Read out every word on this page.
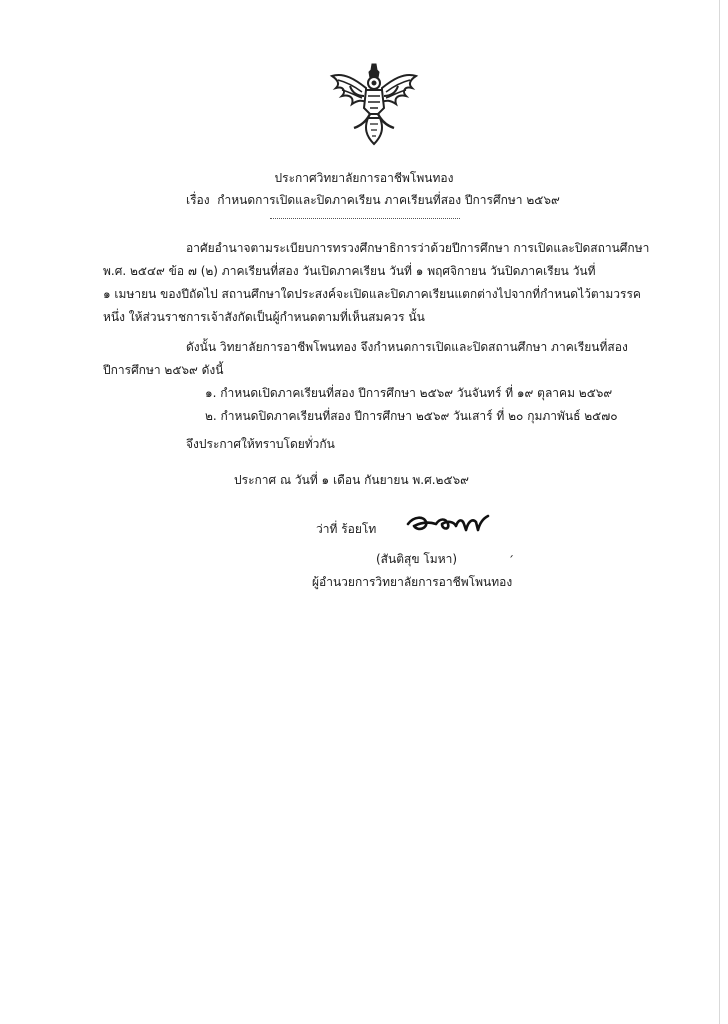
ประกาศวิทยาลัยการอาชีพโพนทอง
เรื่อง กำหนดการเปิดและปิดภาคเรียน ภาคเรียนที่สอง ปีการศึกษา ๒๕๖๙
อาศัยอำนาจตามระเบียบการทรวงศึกษาธิการว่าด้วยปีการศึกษา การเปิดและปิดสถานศึกษา
พ.ศ. ๒๕๔๙ ข้อ ๗ (๒) ภาคเรียนที่สอง วันเปิดภาคเรียน วันที่ ๑ พฤศจิกายน วันปิดภาคเรียน วันที่
๑ เมษายน ของปีถัดไป สถานศึกษาใดประสงค์จะเปิดและปิดภาคเรียนแตกต่างไปจากที่กำหนดไว้ตามวรรค
หนึ่ง ให้ส่วนราชการเจ้าสังกัดเป็นผู้กำหนดตามที่เห็นสมควร นั้น
ดังนั้น วิทยาลัยการอาชีพโพนทอง จึงกำหนดการเปิดและปิดสถานศึกษา ภาคเรียนที่สอง
ปีการศึกษา ๒๕๖๙ ดังนี้
๑. กำหนดเปิดภาคเรียนที่สอง ปีการศึกษา ๒๕๖๙ วันจันทร์ ที่ ๑๙ ตุลาคม ๒๕๖๙
๒. กำหนดปิดภาคเรียนที่สอง ปีการศึกษา ๒๕๖๙ วันเสาร์ ที่ ๒๐ กุมภาพันธ์ ๒๕๗๐
จึงประกาศให้ทราบโดยทั่วกัน
ประกาศ ณ วันที่ ๑ เดือน กันยายน พ.ศ.๒๕๖๙
ว่าที่ ร้อยโท
(สันติสุข โมหา)	´
ผู้อำนวยการวิทยาลัยการอาชีพโพนทอง
